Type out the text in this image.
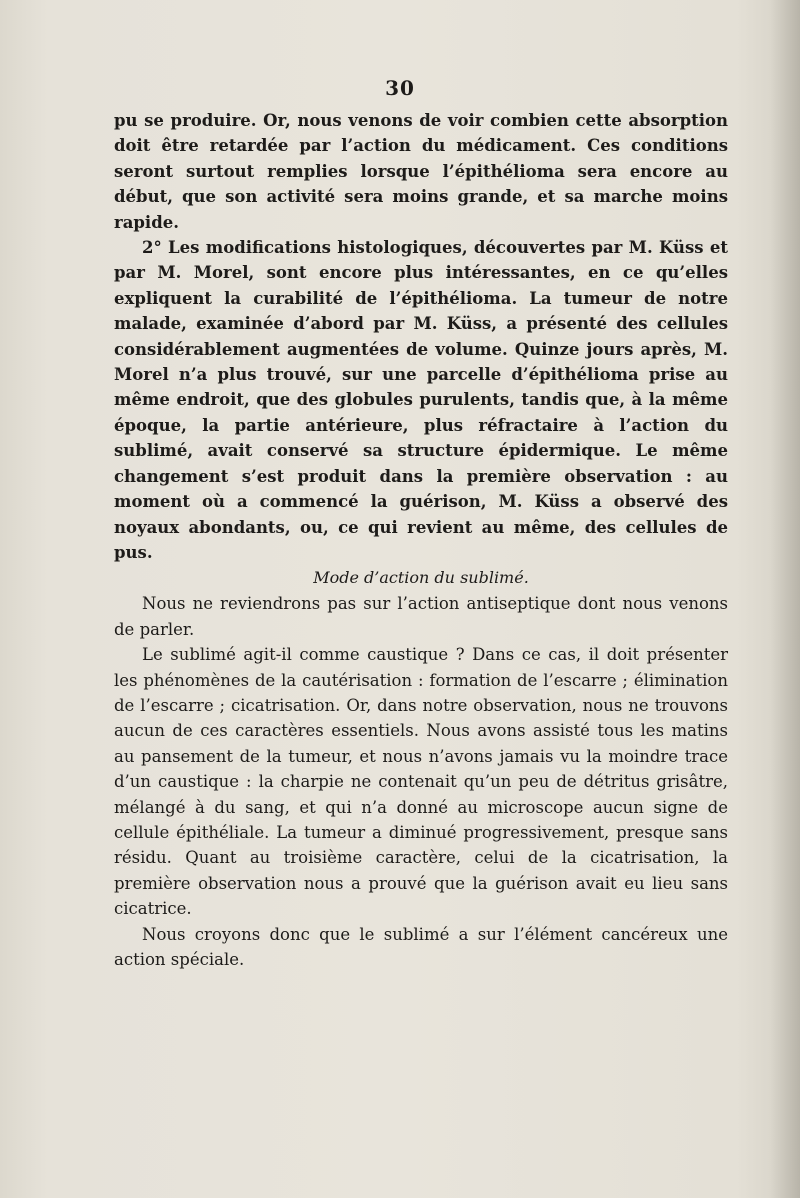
30

pu se produire. Or, nous venons de voir combien cette absorption doit être retardée par l’action du médicament. Ces conditions seront surtout remplies lorsque l’épithélioma sera encore au début, que son activité sera moins grande, et sa marche moins rapide.

2° Les modifications histologiques, découvertes par M. Küss et par M. Morel, sont encore plus intéressantes, en ce qu’elles expliquent la curabilité de l’épithélioma. La tumeur de notre malade, examinée d’abord par M. Küss, a présenté des cellules considérablement augmentées de volume. Quinze jours après, M. Morel n’a plus trouvé, sur une parcelle d’épithélioma prise au même endroit, que des globules purulents, tandis que, à la même époque, la partie antérieure, plus réfractaire à l’action du sublimé, avait conservé sa structure épidermique. Le même changement s’est produit dans la première observation : au moment où a commencé la guérison, M. Küss a observé des noyaux abondants, ou, ce qui revient au même, des cellules de pus.

Mode d’action du sublimé.

Nous ne reviendrons pas sur l’action antiseptique dont nous venons de parler.

Le sublimé agit-il comme caustique ? Dans ce cas, il doit présenter les phénomènes de la cautérisation : formation de l’escarre ; élimination de l’escarre ; cicatrisation. Or, dans notre observation, nous ne trouvons aucun de ces caractères essentiels. Nous avons assisté tous les matins au pansement de la tumeur, et nous n’avons jamais vu la moindre trace d’un caustique : la charpie ne contenait qu’un peu de détritus grisâtre, mélangé à du sang, et qui n’a donné au microscope aucun signe de cellule épithéliale. La tumeur a diminué progressivement, presque sans résidu. Quant au troisième caractère, celui de la cicatrisation, la première observation nous a prouvé que la guérison avait eu lieu sans cicatrice.

Nous croyons donc que le sublimé a sur l’élément cancéreux une action spéciale.
